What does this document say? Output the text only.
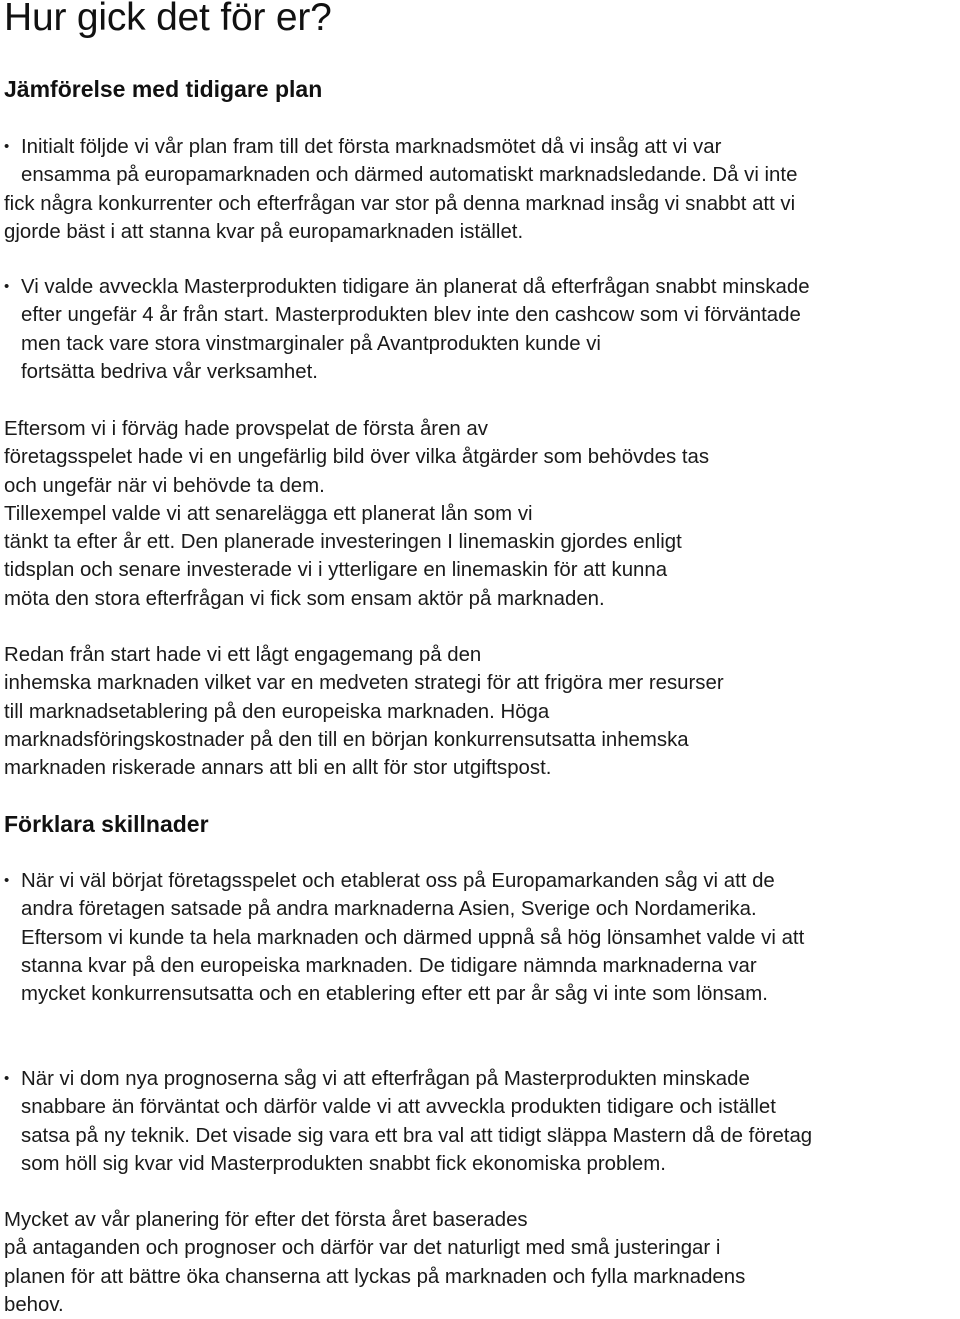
Hur gick det för er?
Jämförelse med tidigare plan
• Initialt följde vi vår plan fram till det första marknadsmötet då vi insåg att vi var
ensamma på europamarknaden och därmed automatiskt marknadsledande. Då vi inte
fick några konkurrenter och efterfrågan var stor på denna marknad insåg vi snabbt att vi
gjorde bäst i att stanna kvar på europamarknaden istället.
• Vi valde avveckla Masterprodukten tidigare än planerat då efterfrågan snabbt minskade
efter ungefär 4 år från start. Masterprodukten blev inte den cashcow som vi förväntade
men tack vare stora vinstmarginaler på Avantprodukten kunde vi
fortsätta bedriva vår verksamhet.
Eftersom vi i förväg hade provspelat de första åren av
företagsspelet hade vi en ungefärlig bild över vilka åtgärder som behövdes tas
och ungefär när vi behövde ta dem.
Tillexempel valde vi att senarelägga ett planerat lån som vi
tänkt ta efter år ett. Den planerade investeringen I linemaskin gjordes enligt
tidsplan och senare investerade vi i ytterligare en linemaskin för att kunna
möta den stora efterfrågan vi fick som ensam aktör på marknaden.
Redan från start hade vi ett lågt engagemang på den
inhemska marknaden vilket var en medveten strategi för att frigöra mer resurser
till marknadsetablering på den europeiska marknaden. Höga
marknadsföringskostnader på den till en början konkurrensutsatta inhemska
marknaden riskerade annars att bli en allt för stor utgiftspost.
Förklara skillnader
• När vi väl börjat företagsspelet och etablerat oss på Europamarkanden såg vi att de
andra företagen satsade på andra marknaderna Asien, Sverige och Nordamerika.
Eftersom vi kunde ta hela marknaden och därmed uppnå så hög lönsamhet valde vi att
stanna kvar på den europeiska marknaden. De tidigare nämnda marknaderna var
mycket konkurrensutsatta och en etablering efter ett par år såg vi inte som lönsam.
• När vi dom nya prognoserna såg vi att efterfrågan på Masterprodukten minskade
snabbare än förväntat och därför valde vi att avveckla produkten tidigare och istället
satsa på ny teknik. Det visade sig vara ett bra val att tidigt släppa Mastern då de företag
som höll sig kvar vid Masterprodukten snabbt fick ekonomiska problem.
Mycket av vår planering för efter det första året baserades
på antaganden och prognoser och därför var det naturligt med små justeringar i
planen för att bättre öka chanserna att lyckas på marknaden och fylla marknadens
behov.
